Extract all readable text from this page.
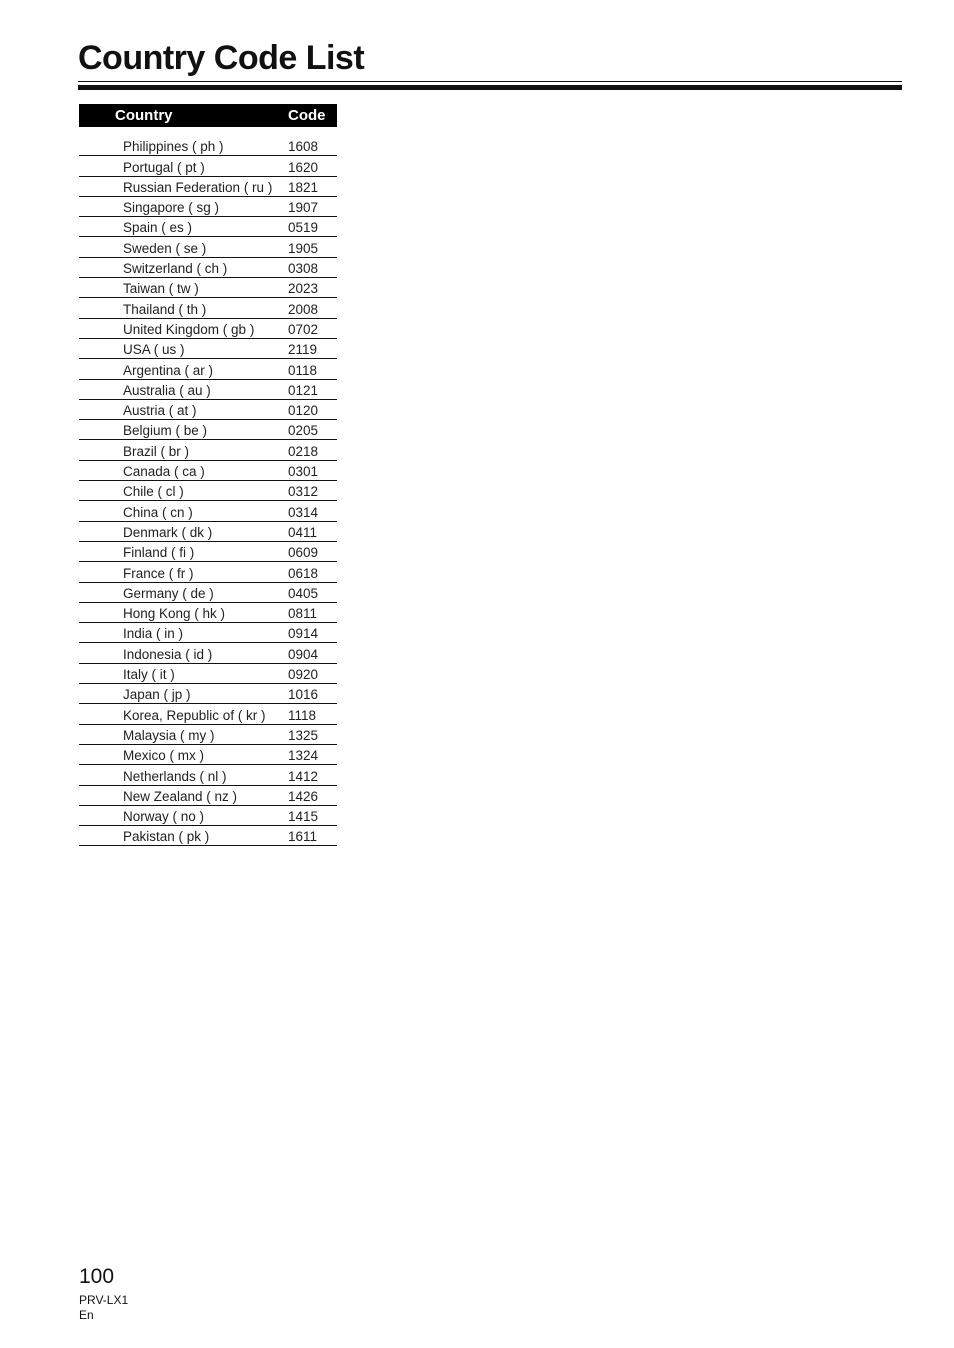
Country Code List
Country	Code
Philippines ( ph )	1608
Portugal ( pt )	1620
Russian Federation ( ru )	1821
Singapore ( sg )	1907
Spain ( es )	0519
Sweden ( se )	1905
Switzerland ( ch )	0308
Taiwan ( tw )	2023
Thailand ( th )	2008
United Kingdom ( gb )	0702
USA ( us )	2119
Argentina ( ar )	0118
Australia ( au )	0121
Austria ( at )	0120
Belgium ( be )	0205
Brazil ( br )	0218
Canada ( ca )	0301
Chile ( cl )	0312
China ( cn )	0314
Denmark ( dk )	0411
Finland ( fi )	0609
France ( fr )	0618
Germany ( de )	0405
Hong Kong ( hk )	0811
India ( in )	0914
Indonesia ( id )	0904
Italy ( it )	0920
Japan ( jp )	1016
Korea, Republic of ( kr )	1118
Malaysia ( my )	1325
Mexico ( mx )	1324
Netherlands ( nl )	1412
New Zealand ( nz )	1426
Norway ( no )	1415
Pakistan ( pk )	1611
100
PRV-LX1
En
